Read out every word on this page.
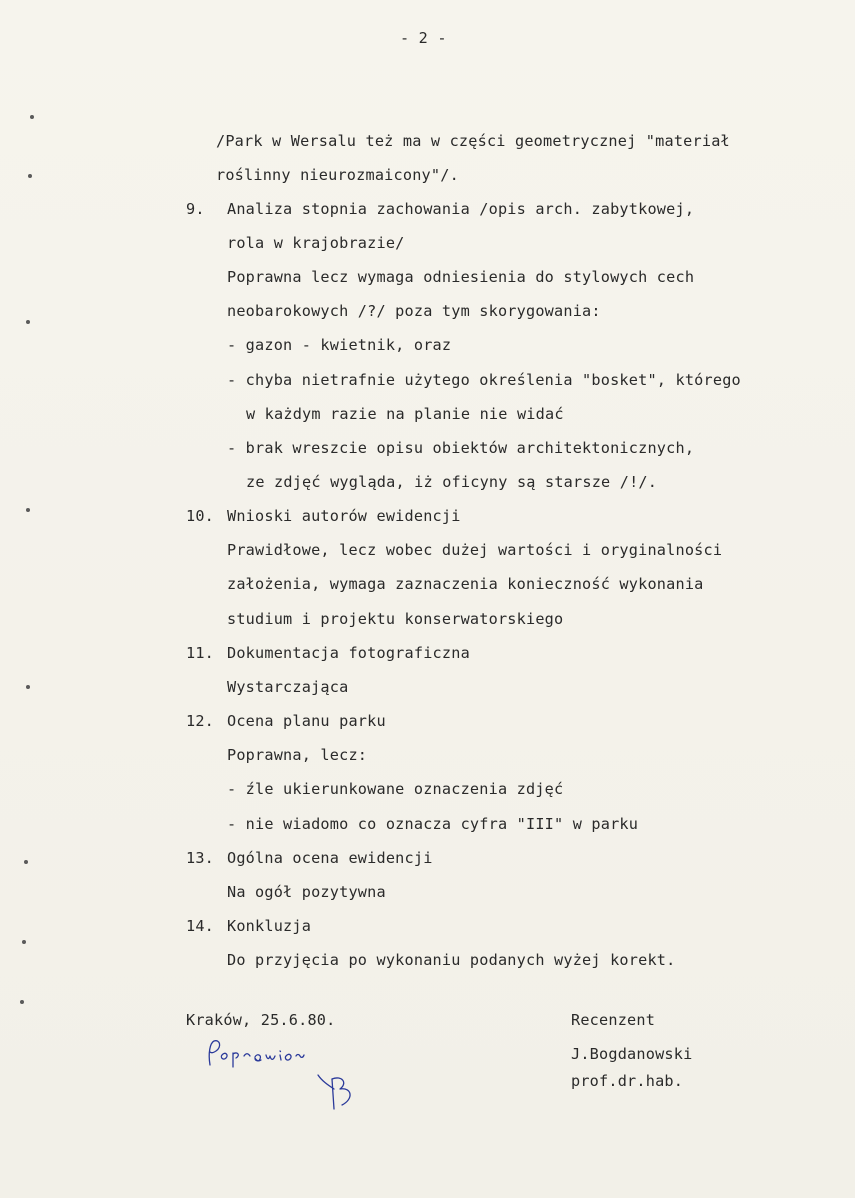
- 2 -
/Park w Wersalu też ma w części geometrycznej "materiał
roślinny nieurozmaicony"/.
9. Analiza stopnia zachowania /opis arch. zabytkowej,
rola w krajobrazie/
Poprawna lecz wymaga odniesienia do stylowych cech
neobarokowych /?/ poza tym skorygowania:
- gazon - kwietnik, oraz
- chyba nietrafnie użytego określenia "bosket", którego
w każdym razie na planie nie widać
- brak wreszcie opisu obiektów architektonicznych,
ze zdjęć wygląda, iż oficyny są starsze /!/.
10. Wnioski autorów ewidencji
Prawidłowe, lecz wobec dużej wartości i oryginalności
założenia, wymaga zaznaczenia konieczność wykonania
studium i projektu konserwatorskiego
11. Dokumentacja fotograficzna
Wystarczająca
12. Ocena planu parku
Poprawna, lecz:
- źle ukierunkowane oznaczenia zdjęć
- nie wiadomo co oznacza cyfra "III" w parku
13. Ogólna ocena ewidencji
Na ogół pozytywna
14. Konkluzja
Do przyjęcia po wykonaniu podanych wyżej korekt.
Kraków, 25.6.80.	Recenzent
J.Bogdanowski
prof.dr.hab.
